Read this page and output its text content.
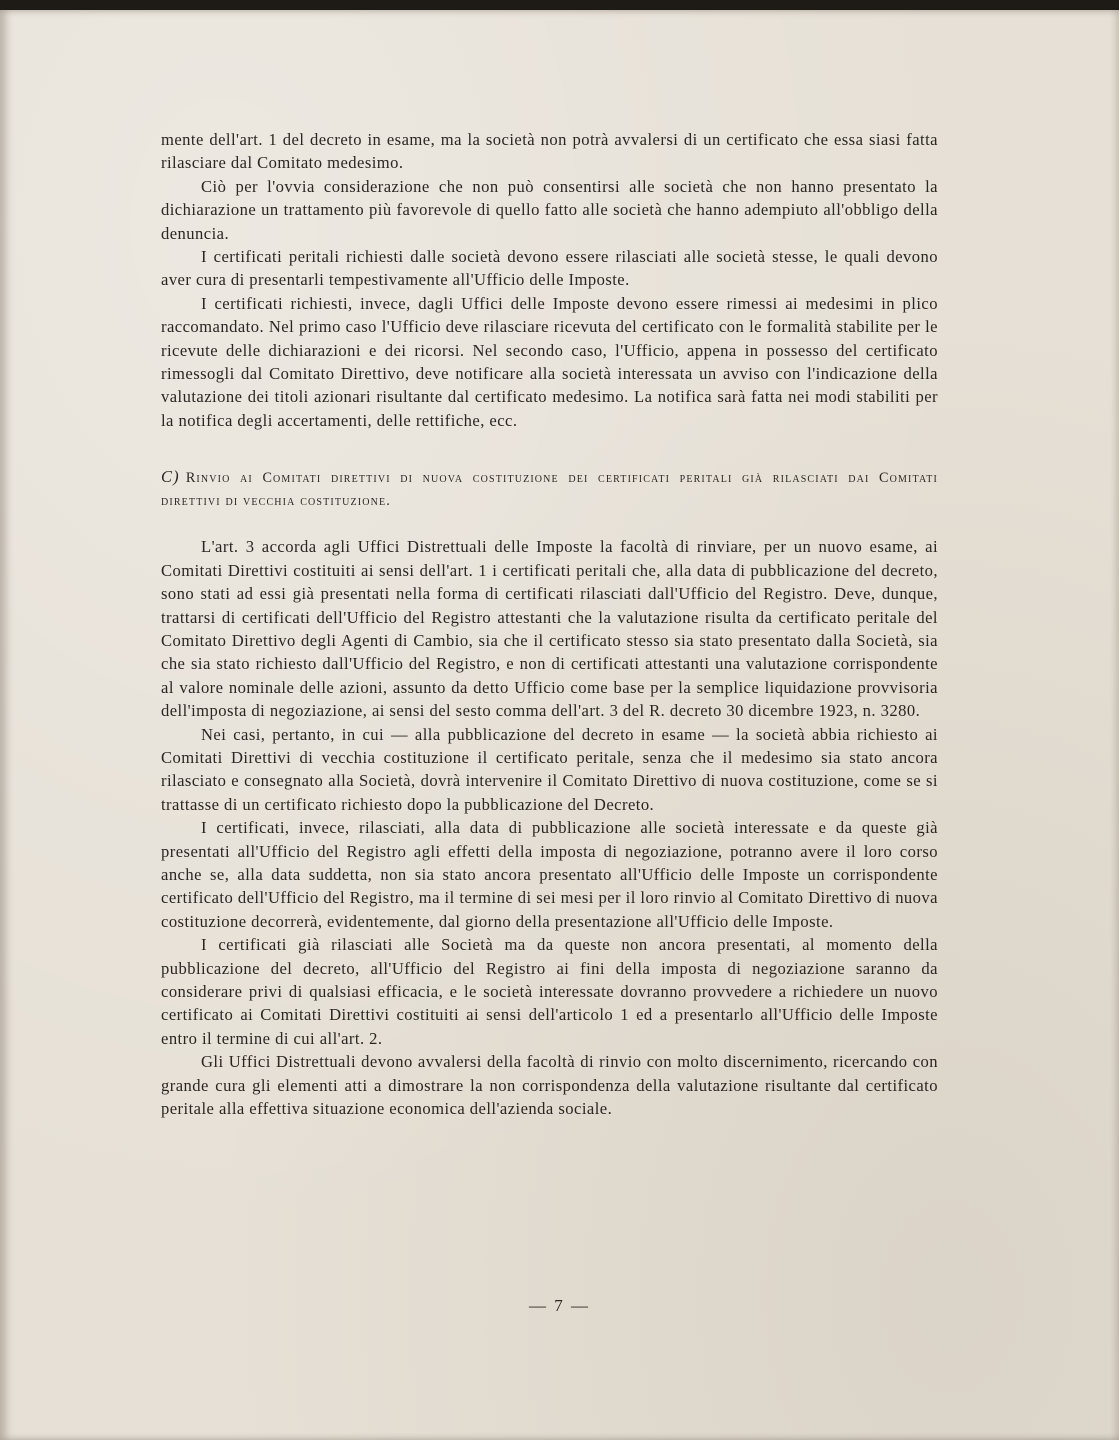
mente dell'art. 1 del decreto in esame, ma la società non potrà avvalersi di un certificato che essa siasi fatta rilasciare dal Comitato medesimo.

Ciò per l'ovvia considerazione che non può consentirsi alle società che non hanno presentato la dichiarazione un trattamento più favorevole di quello fatto alle società che hanno adempiuto all'obbligo della denuncia.

I certificati peritali richiesti dalle società devono essere rilasciati alle società stesse, le quali devono aver cura di presentarli tempestivamente all'Ufficio delle Imposte.

I certificati richiesti, invece, dagli Uffici delle Imposte devono essere rimessi ai medesimi in plico raccomandato. Nel primo caso l'Ufficio deve rilasciare ricevuta del certificato con le formalità stabilite per le ricevute delle dichiarazioni e dei ricorsi. Nel secondo caso, l'Ufficio, appena in possesso del certificato rimessogli dal Comitato Direttivo, deve notificare alla società interessata un avviso con l'indicazione della valutazione dei titoli azionari risultante dal certificato medesimo. La notifica sarà fatta nei modi stabiliti per la notifica degli accertamenti, delle rettifiche, ecc.

C) Rinvio ai Comitati direttivi di nuova costituzione dei certificati peritali già rilasciati dai Comitati direttivi di vecchia costituzione.

L'art. 3 accorda agli Uffici Distrettuali delle Imposte la facoltà di rinviare, per un nuovo esame, ai Comitati Direttivi costituiti ai sensi dell'art. 1 i certificati peritali che, alla data di pubblicazione del decreto, sono stati ad essi già presentati nella forma di certificati rilasciati dall'Ufficio del Registro. Deve, dunque, trattarsi di certificati dell'Ufficio del Registro attestanti che la valutazione risulta da certificato peritale del Comitato Direttivo degli Agenti di Cambio, sia che il certificato stesso sia stato presentato dalla Società, sia che sia stato richiesto dall'Ufficio del Registro, e non di certificati attestanti una valutazione corrispondente al valore nominale delle azioni, assunto da detto Ufficio come base per la semplice liquidazione provvisoria dell'imposta di negoziazione, ai sensi del sesto comma dell'art. 3 del R. decreto 30 dicembre 1923, n. 3280.

Nei casi, pertanto, in cui — alla pubblicazione del decreto in esame — la società abbia richiesto ai Comitati Direttivi di vecchia costituzione il certificato peritale, senza che il medesimo sia stato ancora rilasciato e consegnato alla Società, dovrà intervenire il Comitato Direttivo di nuova costituzione, come se si trattasse di un certificato richiesto dopo la pubblicazione del Decreto.

I certificati, invece, rilasciati, alla data di pubblicazione alle società interessate e da queste già presentati all'Ufficio del Registro agli effetti della imposta di negoziazione, potranno avere il loro corso anche se, alla data suddetta, non sia stato ancora presentato all'Ufficio delle Imposte un corrispondente certificato dell'Ufficio del Registro, ma il termine di sei mesi per il loro rinvio al Comitato Direttivo di nuova costituzione decorrerà, evidentemente, dal giorno della presentazione all'Ufficio delle Imposte.

I certificati già rilasciati alle Società ma da queste non ancora presentati, al momento della pubblicazione del decreto, all'Ufficio del Registro ai fini della imposta di negoziazione saranno da considerare privi di qualsiasi efficacia, e le società interessate dovranno provvedere a richiedere un nuovo certificato ai Comitati Direttivi costituiti ai sensi dell'articolo 1 ed a presentarlo all'Ufficio delle Imposte entro il termine di cui all'art. 2.

Gli Uffici Distrettuali devono avvalersi della facoltà di rinvio con molto discernimento, ricercando con grande cura gli elementi atti a dimostrare la non corrispondenza della valutazione risultante dal certificato peritale alla effettiva situazione economica dell'azienda sociale.

— 7 —
